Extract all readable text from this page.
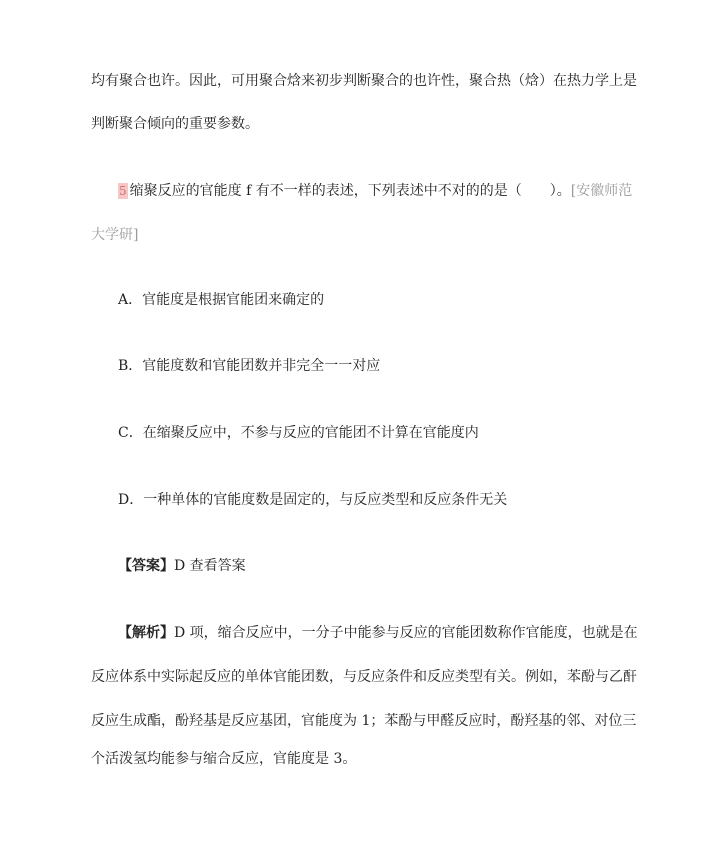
均有聚合也许。因此，可用聚合焓来初步判断聚合的也许性，聚合热（焓）在热力学上是
判断聚合倾向的重要参数。
5 缩聚反应的官能度 f 有不一样的表述，下列表述中不对的的是（　　）。[安徽师范
大学研]
A．官能度是根据官能团来确定的
B．官能度数和官能团数并非完全一一对应
C．在缩聚反应中，不参与反应的官能团不计算在官能度内
D．一种单体的官能度数是固定的，与反应类型和反应条件无关
【答案】D 查看答案
【解析】D 项，缩合反应中，一分子中能参与反应的官能团数称作官能度，也就是在
反应体系中实际起反应的单体官能团数，与反应条件和反应类型有关。例如，苯酚与乙酐
反应生成酯，酚羟基是反应基团，官能度为 1；苯酚与甲醛反应时，酚羟基的邻、对位三
个活泼氢均能参与缩合反应，官能度是 3。
